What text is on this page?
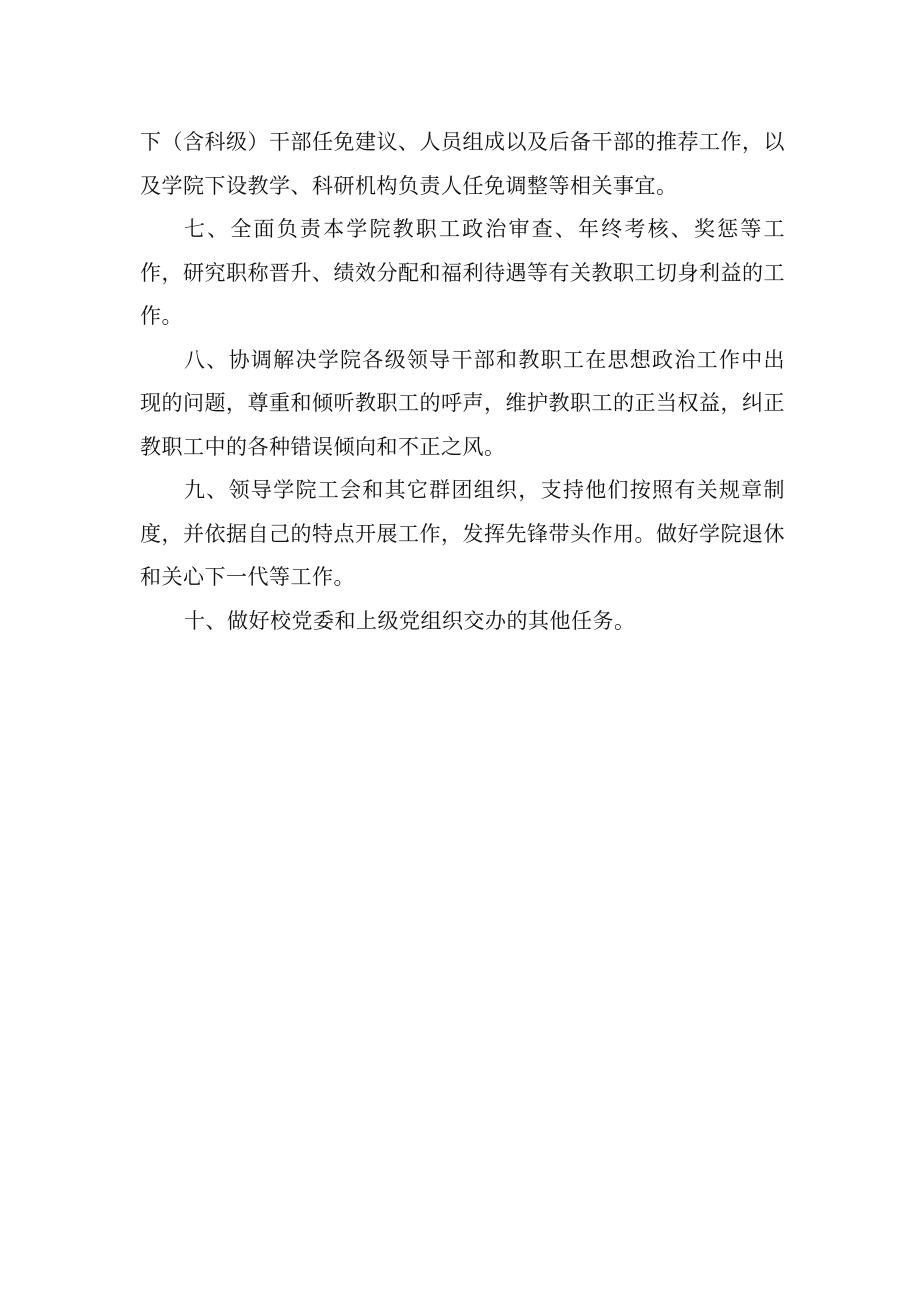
下（含科级）干部任免建议、人员组成以及后备干部的推荐工作，以及学院下设教学、科研机构负责人任免调整等相关事宜。

七、全面负责本学院教职工政治审查、年终考核、奖惩等工作，研究职称晋升、绩效分配和福利待遇等有关教职工切身利益的工作。

八、协调解决学院各级领导干部和教职工在思想政治工作中出现的问题，尊重和倾听教职工的呼声，维护教职工的正当权益，纠正教职工中的各种错误倾向和不正之风。

九、领导学院工会和其它群团组织，支持他们按照有关规章制度，并依据自己的特点开展工作，发挥先锋带头作用。做好学院退休和关心下一代等工作。

十、做好校党委和上级党组织交办的其他任务。
